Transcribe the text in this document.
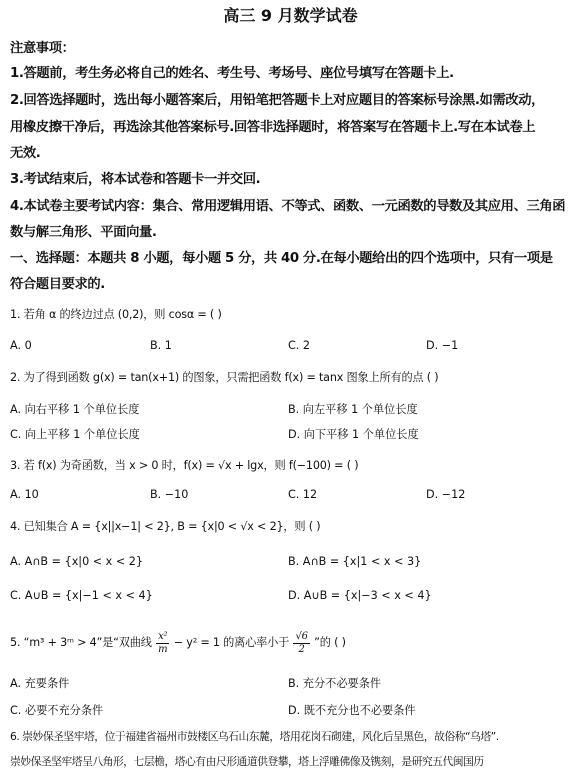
高三 9 月数学试卷
注意事项：
1.答题前，考生务必将自己的姓名、考生号、考场号、座位号填写在答题卡上.
2.回答选择题时，选出每小题答案后，用铅笔把答题卡上对应题目的答案标号涂黑.如需改动，
用橡皮擦干净后，再选涂其他答案标号.回答非选择题时，将答案写在答题卡上.写在本试卷上
无效.
3.考试结束后，将本试卷和答题卡一并交回.
4.本试卷主要考试内容：集合、常用逻辑用语、不等式、函数、一元函数的导数及其应用、三角函
数与解三角形、平面向量.
一、选择题：本题共 8 小题，每小题 5 分，共 40 分.在每小题给出的四个选项中，只有一项是
符合题目要求的.
1. 若角 α 的终边过点 (0,2)，则 cosα = ( )
A. 0	B. 1	C. 2	D. −1
2. 为了得到函数 g(x) = tan(x+1) 的图象，只需把函数 f(x) = tanx 图象上所有的点 ( )
A. 向右平移 1 个单位长度	B. 向左平移 1 个单位长度
C. 向上平移 1 个单位长度	D. 向下平移 1 个单位长度
3. 若 f(x) 为奇函数，当 x > 0 时，f(x) = √x + lgx，则 f(−100) = ( )
A. 10	B. −10	C. 12	D. −12
4. 已知集合 A = {x||x−1| < 2}, B = {x|0 < √x < 2}，则 ( )
A. A∩B = {x|0 < x < 2}	B. A∩B = {x|1 < x < 3}
C. A∪B = {x|−1 < x < 4}	D. A∪B = {x|−3 < x < 4}
5. “m³ + 3ᵐ > 4”是“双曲线 $\frac{\text{x²}}{m} - y^2 = 1$ 的离心率小于 $\frac{√6}{2}$ ”的 ( )
A. 充要条件	B. 充分不必要条件
C. 必要不充分条件	D. 既不充分也不必要条件
6. 崇妙保圣坚牢塔，位于福建省福州市鼓楼区乌石山东麓，塔用花岗石砌建，风化后呈黑色，故俗称“乌塔”.
崇妙保圣坚牢塔呈八角形，七层檐，塔心有由尺形通道供登攀，塔上浮雕佛像及镌刻，是研究五代闽国历
